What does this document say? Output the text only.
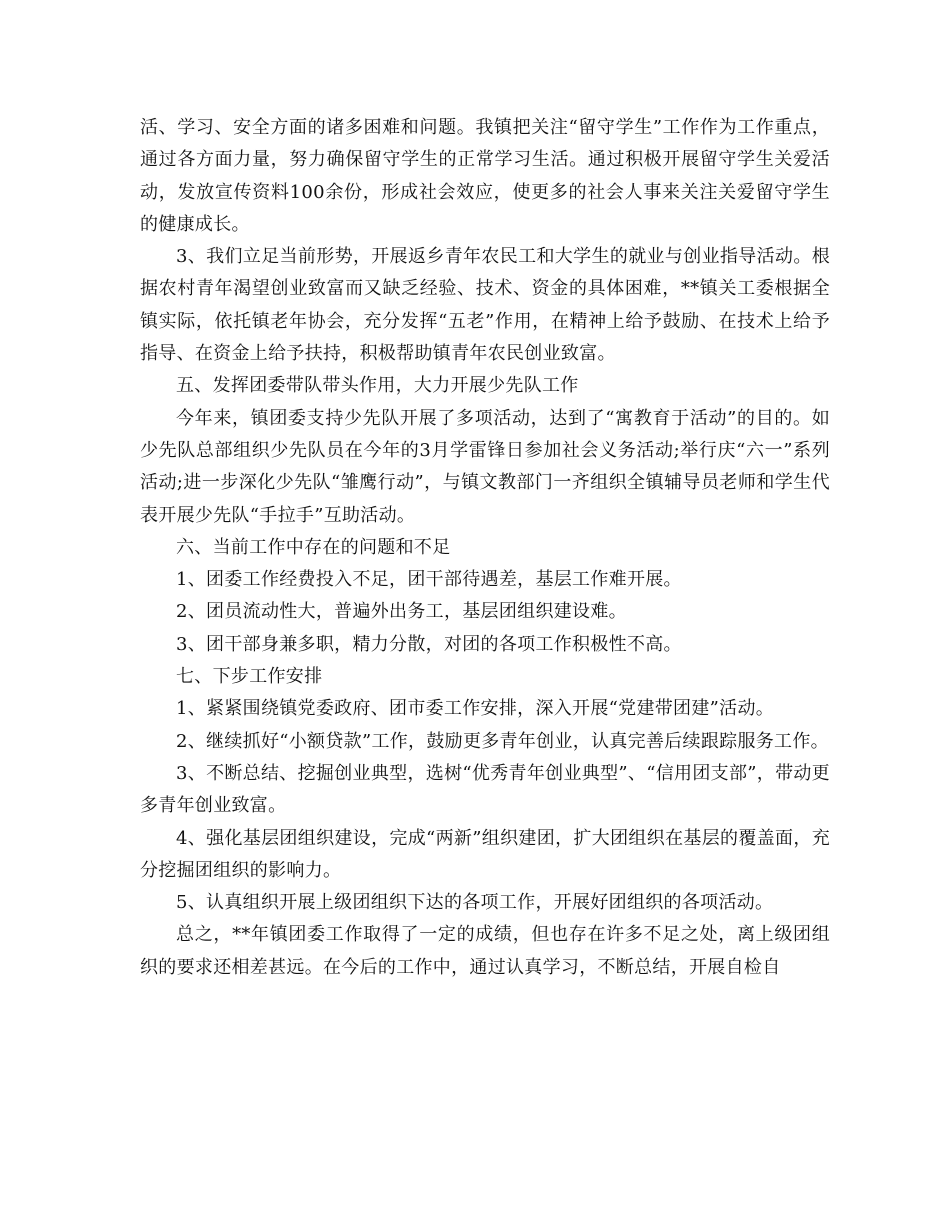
活、学习、安全方面的诸多困难和问题。我镇把关注“留守学生”工作作为工作重点，通过各方面力量，努力确保留守学生的正常学习生活。通过积极开展留守学生关爱活动，发放宣传资料100余份，形成社会效应，使更多的社会人事来关注关爱留守学生的健康成长。

3、我们立足当前形势，开展返乡青年农民工和大学生的就业与创业指导活动。根据农村青年渴望创业致富而又缺乏经验、技术、资金的具体困难，**镇关工委根据全镇实际，依托镇老年协会，充分发挥“五老”作用，在精神上给予鼓励、在技术上给予指导、在资金上给予扶持，积极帮助镇青年农民创业致富。

五、发挥团委带队带头作用，大力开展少先队工作

今年来，镇团委支持少先队开展了多项活动，达到了“寓教育于活动”的目的。如少先队总部组织少先队员在今年的3月学雷锋日参加社会义务活动;举行庆“六一”系列活动;进一步深化少先队“雏鹰行动”，与镇文教部门一齐组织全镇辅导员老师和学生代表开展少先队“手拉手”互助活动。

六、当前工作中存在的问题和不足

1、团委工作经费投入不足，团干部待遇差，基层工作难开展。

2、团员流动性大，普遍外出务工，基层团组织建设难。

3、团干部身兼多职，精力分散，对团的各项工作积极性不高。

七、下步工作安排

1、紧紧围绕镇党委政府、团市委工作安排，深入开展“党建带团建”活动。

2、继续抓好“小额贷款”工作，鼓励更多青年创业，认真完善后续跟踪服务工作。

3、不断总结、挖掘创业典型，选树“优秀青年创业典型”、“信用团支部”，带动更多青年创业致富。

4、强化基层团组织建设，完成“两新”组织建团，扩大团组织在基层的覆盖面，充分挖掘团组织的影响力。

5、认真组织开展上级团组织下达的各项工作，开展好团组织的各项活动。

总之，**年镇团委工作取得了一定的成绩，但也存在许多不足之处，离上级团组织的要求还相差甚远。在今后的工作中，通过认真学习，不断总结，开展自检自
